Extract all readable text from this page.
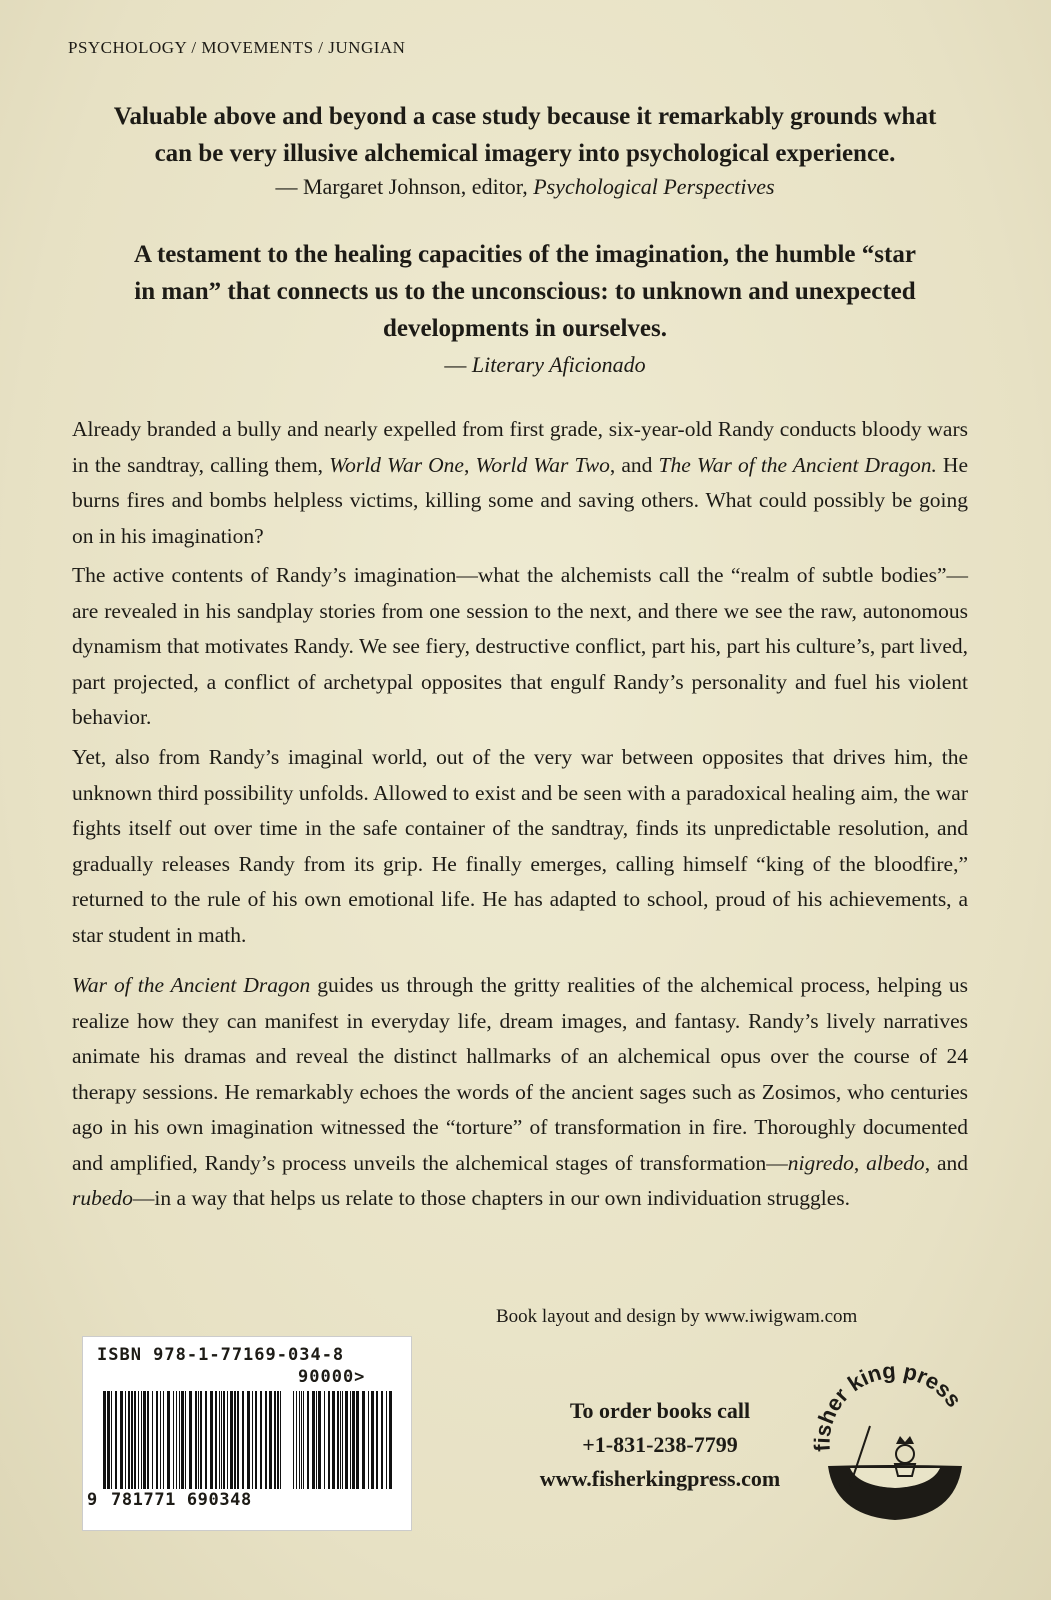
PSYCHOLOGY / MOVEMENTS / JUNGIAN
Valuable above and beyond a case study because it remarkably grounds what
can be very illusive alchemical imagery into psychological experience.
— Margaret Johnson, editor, Psychological Perspectives
A testament to the healing capacities of the imagination, the humble “star
in man” that connects us to the unconscious: to unknown and unexpected
developments in ourselves.
— Literary Aficionado
Already branded a bully and nearly expelled from first grade, six-year-old Randy conducts bloody wars in the sandtray, calling them, World War One, World War Two, and The War of the Ancient Dragon. He burns fires and bombs helpless victims, killing some and saving others. What could possibly be going on in his imagination?
The active contents of Randy’s imagination—what the alchemists call the “realm of subtle bodies”—are revealed in his sandplay stories from one session to the next, and there we see the raw, autonomous dynamism that motivates Randy. We see fiery, destructive conflict, part his, part his culture’s, part lived, part projected, a conflict of archetypal opposites that engulf Randy’s personality and fuel his violent behavior.
Yet, also from Randy’s imaginal world, out of the very war between opposites that drives him, the unknown third possibility unfolds. Allowed to exist and be seen with a paradoxical healing aim, the war fights itself out over time in the safe container of the sandtray, finds its unpredictable resolution, and gradually releases Randy from its grip. He finally emerges, calling himself “king of the bloodfire,” returned to the rule of his own emotional life. He has adapted to school, proud of his achievements, a star student in math.
War of the Ancient Dragon guides us through the gritty realities of the alchemical process, helping us realize how they can manifest in everyday life, dream images, and fantasy. Randy’s lively narratives animate his dramas and reveal the distinct hallmarks of an alchemical opus over the course of 24 therapy sessions. He remarkably echoes the words of the ancient sages such as Zosimos, who centuries ago in his own imagination witnessed the “torture” of transformation in fire. Thoroughly documented and amplified, Randy’s process unveils the alchemical stages of transformation—nigredo, albedo, and rubedo—in a way that helps us relate to those chapters in our own individuation struggles.
Book layout and design by www.iwigwam.com
ISBN 978-1-77169-034-8
90000>
9 781771 690348
To order books call
+1-831-238-7799
www.fisherkingpress.com
fisher king press
